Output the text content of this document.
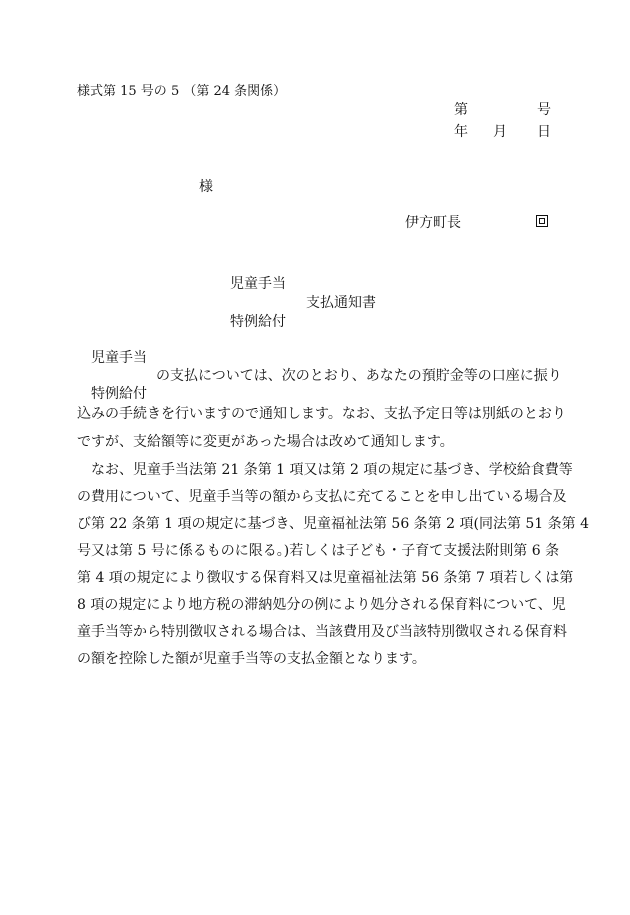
様式第 15 号の 5 （第 24 条関係）
第	号
年 月 日
様
伊方町長
児童手当
特例給付
支払通知書
児童手当
特例給付
の支払については、次のとおり、あなたの預貯金等の口座に振り
込みの手続きを行いますので通知します。なお、支払予定日等は別紙のとおり
ですが、支給額等に変更があった場合は改めて通知します。
　なお、児童手当法第 21 条第 1 項又は第 2 項の規定に基づき、学校給食費等
の費用について、児童手当等の額から支払に充てることを申し出ている場合及
び第 22 条第 1 項の規定に基づき、児童福祉法第 56 条第 2 項(同法第 51 条第 4
号又は第 5 号に係るものに限る。)若しくは子ども・子育て支援法附則第 6 条
第 4 項の規定により徴収する保育料又は児童福祉法第 56 条第 7 項若しくは第
8 項の規定により地方税の滞納処分の例により処分される保育料について、児
童手当等から特別徴収される場合は、当該費用及び当該特別徴収される保育料
の額を控除した額が児童手当等の支払金額となります。
